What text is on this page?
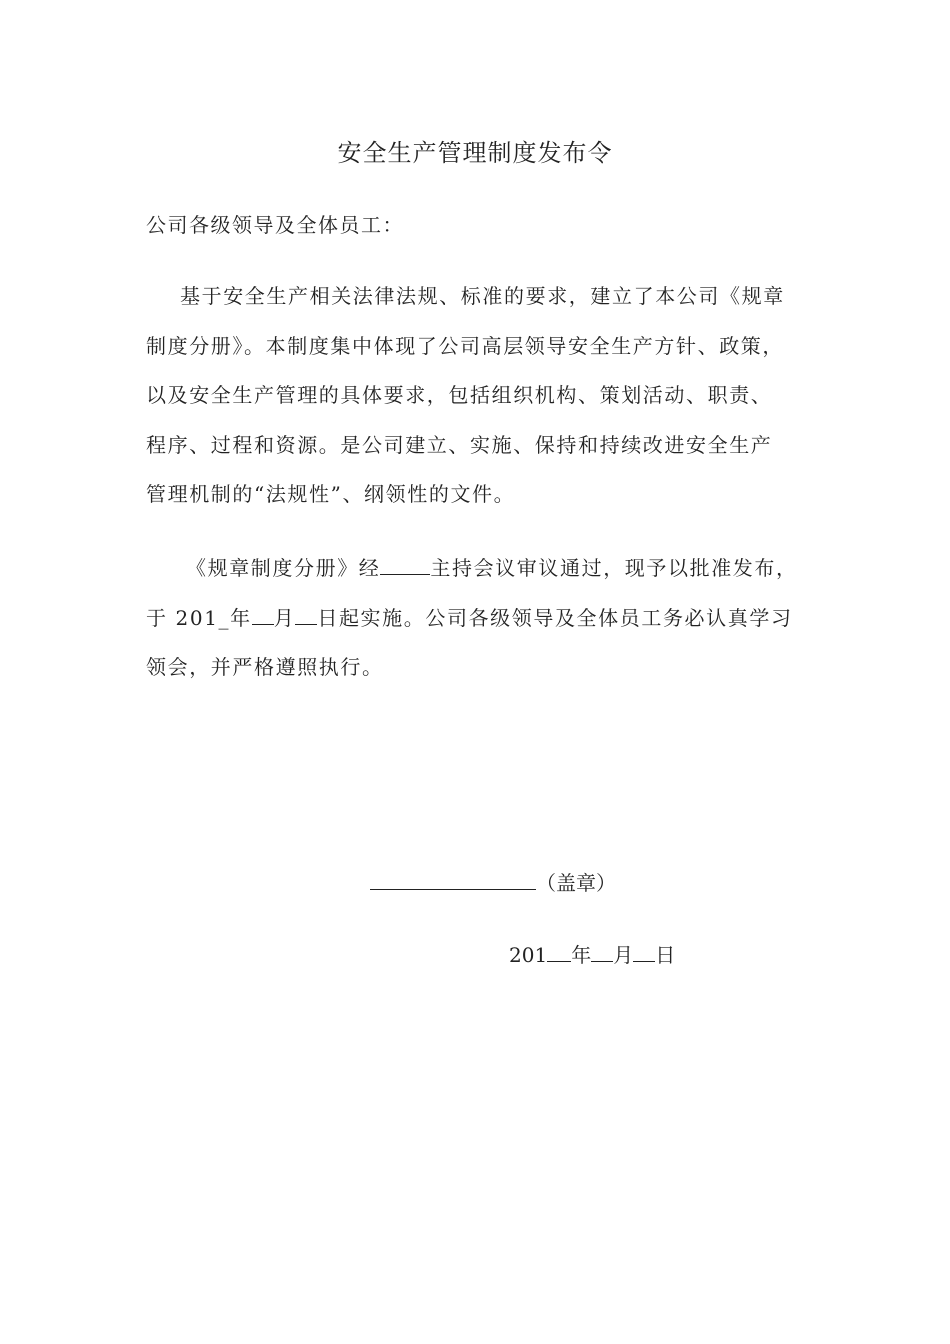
安全生产管理制度发布令
公司各级领导及全体员工：
基于安全生产相关法律法规、标准的要求，建立了本公司《规章
制度分册》。本制度集中体现了公司高层领导安全生产方针、政策，
以及安全生产管理的具体要求，包括组织机构、策划活动、职责、
程序、过程和资源。是公司建立、实施、保持和持续改进安全生产
管理机制的“法规性”、纲领性的文件。
《规章制度分册》经	主持会议审议通过，现予以批准发布，
于 201_年 月 日起实施。公司各级领导及全体员工务必认真学习
领会，并严格遵照执行。
（盖章）
201 年 月 日
